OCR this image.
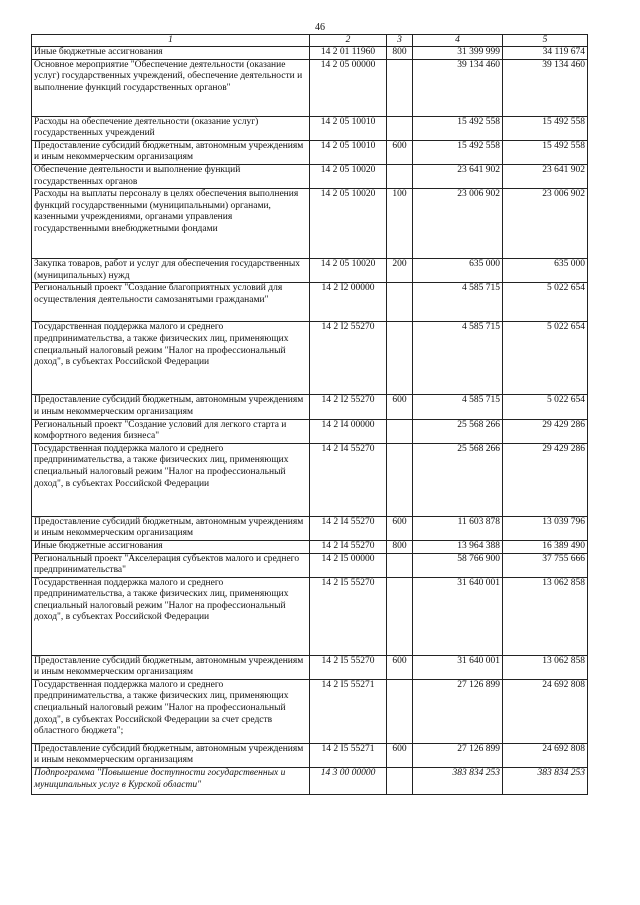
46
1	2	3	4	5
Иные бюджетные ассигнования	14 2 01 11960	800	31 399 999	34 119 674
Основное мероприятие "Обеспечение деятельности (оказание услуг) государственных учреждений, обеспечение деятельности и выполнение функций государственных органов"	14 2 05 00000		39 134 460	39 134 460
Расходы на обеспечение деятельности (оказание услуг) государственных учреждений	14 2 05 10010		15 492 558	15 492 558
Предоставление субсидий бюджетным, автономным учреждениям и иным некоммерческим организациям	14 2 05 10010	600	15 492 558	15 492 558
Обеспечение деятельности и выполнение функций государственных органов	14 2 05 10020		23 641 902	23 641 902
Расходы на выплаты персоналу в целях обеспечения выполнения функций государственными (муниципальными) органами, казенными учреждениями, органами управления государственными внебюджетными фондами	14 2 05 10020	100	23 006 902	23 006 902
Закупка товаров, работ и услуг для обеспечения государственных (муниципальных) нужд	14 2 05 10020	200	635 000	635 000
Региональный проект "Создание благоприятных условий для осуществления деятельности самозанятыми гражданами"	14 2 I2 00000		4 585 715	5 022 654
Государственная поддержка малого и среднего предпринимательства, а также физических лиц, применяющих специальный налоговый режим "Налог на профессиональный доход", в субъектах Российской Федерации	14 2 I2 55270		4 585 715	5 022 654
Предоставление субсидий бюджетным, автономным учреждениям и иным некоммерческим организациям	14 2 I2 55270	600	4 585 715	5 022 654
Региональный проект "Создание условий для легкого старта и комфортного ведения бизнеса"	14 2 I4 00000		25 568 266	29 429 286
Государственная поддержка малого и среднего предпринимательства, а также физических лиц, применяющих специальный налоговый режим "Налог на профессиональный доход", в субъектах Российской Федерации	14 2 I4 55270		25 568 266	29 429 286
Предоставление субсидий бюджетным, автономным учреждениям и иным некоммерческим организациям	14 2 I4 55270	600	11 603 878	13 039 796
Иные бюджетные ассигнования	14 2 I4 55270	800	13 964 388	16 389 490
Региональный проект "Акселерация субъектов малого и среднего предпринимательства"	14 2 I5 00000		58 766 900	37 755 666
Государственная поддержка малого и среднего предпринимательства, а также физических лиц, применяющих специальный налоговый режим "Налог на профессиональный доход", в субъектах Российской Федерации	14 2 I5 55270		31 640 001	13 062 858
Предоставление субсидий бюджетным, автономным учреждениям и иным некоммерческим организациям	14 2 I5 55270	600	31 640 001	13 062 858
Государственная поддержка малого и среднего предпринимательства, а также физических лиц, применяющих специальный налоговый режим "Налог на профессиональный доход", в субъектах Российской Федерации за счет средств областного бюджета";	14 2 I5 55271		27 126 899	24 692 808
Предоставление субсидий бюджетным, автономным учреждениям и иным некоммерческим организациям	14 2 I5 55271	600	27 126 899	24 692 808
Подпрограмма "Повышение доступности государственных и муниципальных услуг в Курской области"	14 3 00 00000		383 834 253	383 834 253
